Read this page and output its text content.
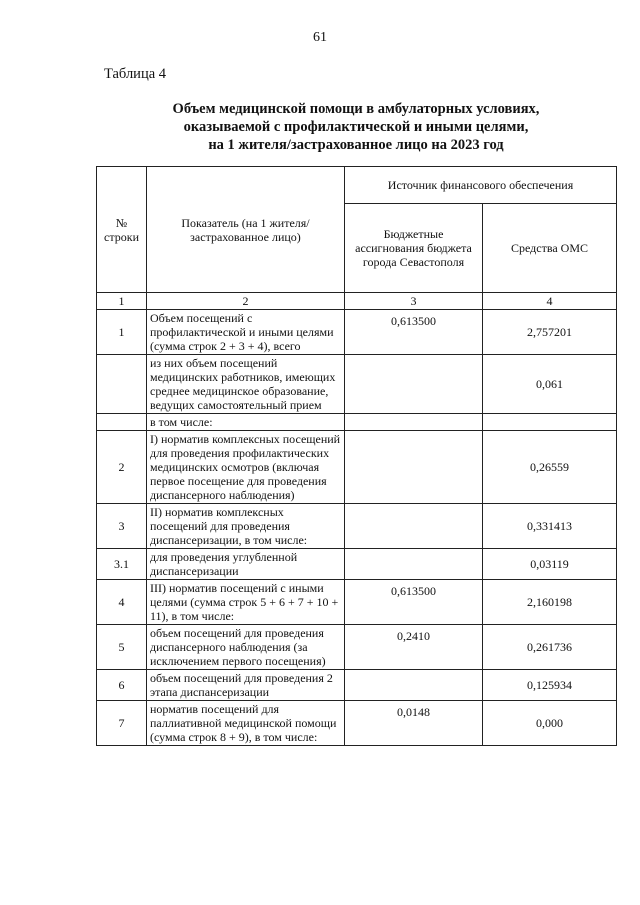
61
Таблица 4
Объем медицинской помощи в амбулаторных условиях,
оказываемой с профилактической и иными целями,
на 1 жителя/застрахованное лицо на 2023 год
№ строки	Показатель (на 1 жителя/застрахованное лицо)	Источник финансового обеспечения	
		Бюджетные ассигнования бюджета города Севастополя	Средства ОМС
1	2	3	4
1	Объем посещений с профилактической и иными целями (сумма строк 2 + 3 + 4), всего	0,613500	2,757201
	из них объем посещений медицинских работников, имеющих среднее медицинское образование, ведущих самостоятельный прием		0,061
	в том числе:		
2	I) норматив комплексных посещений для проведения профилактических медицинских осмотров (включая первое посещение для проведения диспансерного наблюдения)		0,26559
3	II) норматив комплексных посещений для проведения диспансеризации, в том числе:		0,331413
3.1	для проведения углубленной диспансеризации		0,03119
4	III) норматив посещений с иными целями (сумма строк 5 + 6 + 7 + 10 + 11), в том числе:	0,613500	2,160198
5	объем посещений для проведения диспансерного наблюдения (за исключением первого посещения)	0,2410	0,261736
6	объем посещений для проведения 2 этапа диспансеризации		0,125934
7	норматив посещений для паллиативной медицинской помощи (сумма строк 8 + 9), в том числе:	0,0148	0,000
